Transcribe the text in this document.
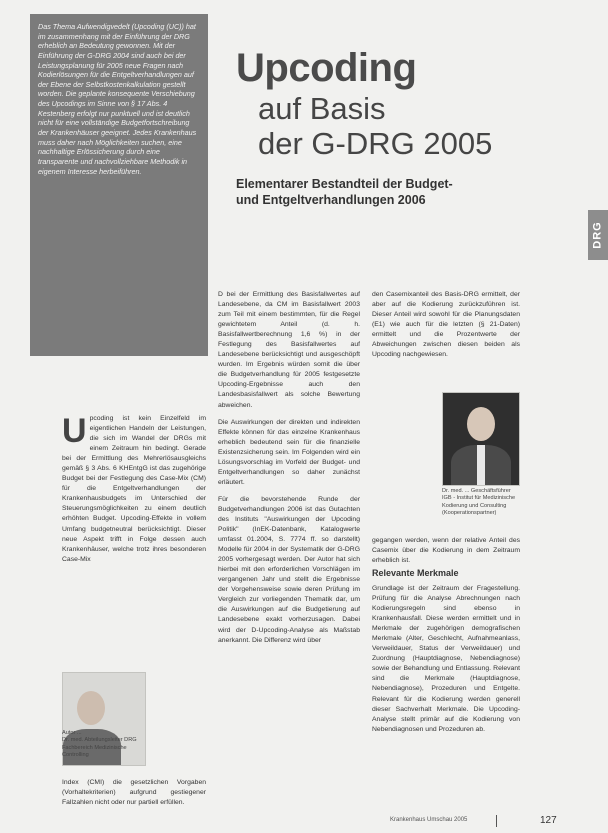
Das Thema Aufwendigvedelt (Upcoding (UC)) hat im zusammenhang mit der Einführung der DRG erheblich an Bedeutung gewonnen. Mit der Einführung der G-DRG 2004 sind auch bei der Leistungsplanung für 2005 neue Fragen nach Kodierlösungen für die Entgeltverhandlungen auf der Ebene der Selbstkostenkalkulation gestellt worden. Die geplante konsequente Verschiebung des Upcodings im Sinne von § 17 Abs. 4 Kestenberg erfolgt nur punktuell und ist deutlich nicht für eine vollständige Budgetfortschreibung der Krankenhäuser geeignet. Jedes Krankenhaus muss daher nach Möglichkeiten suchen, eine nachhaltige Erlössicherung durch eine transparente und nachvollziehbare Methodik in eigenem Interesse herbeiführen.
Upcoding
auf Basis
der G-DRG 2005
Elementarer Bestandteil der Budget-
und Entgeltverhandlungen 2006
DRG

U pcoding ist kein Einzelfeld im eigentlichen Handeln der Leistungen, die sich im Wandel der DRGs mit einem Zeitraum hin bedingt. Gerade bei der Ermittlung des Mehrerlösausgleichs gemäß § 3 Abs. 6 KHEntgG ist das zugehörige Budget bei der Festlegung des Case-Mix (CM) für die Entgeltverhandlungen der Krankenhausbudgets im Unterschied der Steuerungsmöglichkeiten zu einem deutlich erhöhten Budget. Upcoding-Effekte in vollem Umfang budgetneutral berücksichtigt. Dieser neue Aspekt trifft in Folge dessen auch Krankenhäuser, welche trotz ihres besonderen Case-Mix

Index (CMI) die gesetzlichen Vorgaben (Vorhaltekriterien) aufgrund gestiegener Fallzahlen nicht oder nur partiell erfüllen.

D bei der Ermittlung des Basisfallwertes auf Landesebene, da CM im Basisfallwert 2003 zum Teil mit einem bestimmten, für die Regel gewichtetem Anteil (d. h. Basisfallwertberechnung 1,6 %) in der Festlegung des Basisfallwertes auf Landesebene berücksichtigt und ausgeschöpft wurden. Im Ergebnis würden somit die über die Budgetverhandlung für 2005 festgesetzte Upcoding-Ergebnisse auch den Landesbasisfallwert als solche Bewertung abweichen.

Die Auswirkungen der direkten und indirekten Effekte können für das einzelne Krankenhaus erheblich bedeutend sein für die finanzielle Existenzsicherung sein. Im Folgenden wird ein Lösungsvorschlag im Vorfeld der Budget- und Entgeltverhandlungen so daher zunächst erläutert.

Für die bevorstehende Runde der Budgetverhandlungen 2006 ist das Gutachten des Instituts "Auswirkungen der Upcoding Politik" (InEK-Datenbank, Katalogwerte umfasst 01.2004, S. 7774 ff. so darstellt) Modelle für 2004 in der Systematik der G-DRG 2005 vorhergesagt werden. Der Autor hat sich hierbei mit den erforderlichen Vorschlägen im vergangenen Jahr und stellt die Ergebnisse der Vorgehensweise sowie deren Prüfung im Vergleich zur vorliegenden Thematik dar, um die Auswirkungen auf die Budgetierung auf Landesebene exakt vorherzusagen. Dabei wird der D-Upcoding-Analyse als Maßstab anerkannt. Die Differenz wird über

den Casemixanteil des Basis-DRG ermittelt, der aber auf die Kodierung zurückzuführen ist. Dieser Anteil wird sowohl für die Planungsdaten (E1) wie auch für die letzten (§ 21-Daten) ermittelt und die Prozentwerte der Abweichungen zwischen diesen beiden als Upcoding nachgewiesen.

Dr. med. ... Geschäftsführer
IGB - Institut für Medizinische
Kodierung und Consulting
(Kooperationspartner)

gegangen werden, wenn der relative Anteil des Casemix über die Kodierung in dem Zeitraum erheblich ist.

Relevante Merkmale

Grundlage ist der Zeitraum der Fragestellung. Prüfung für die Analyse Abrechnungen nach Kodierungsregeln sind ebenso in Krankenhausfall. Diese werden ermittelt und in Merkmale der zugehörigen demografischen Merkmale (Alter, Geschlecht, Aufnahmeanlass, Verweildauer, Status der Verweildauer) und Zuordnung (Hauptdiagnose, Nebendiagnose) sowie der Behandlung und Entlassung. Relevant sind die Merkmale (Hauptdiagnose, Nebendiagnose), Prozeduren und Entgelte. Relevant für die Kodierung werden generell dieser Sachverhalt Merkmale. Die Upcoding-Analyse stellt primär auf die Kodierung von Nebendiagnosen und Prozeduren ab.

Autor ...
Dr. med. Abteilungsleiter DRG
Fachbereich Medizinische Controlling
Krankenhaus Umschau 2005	127
